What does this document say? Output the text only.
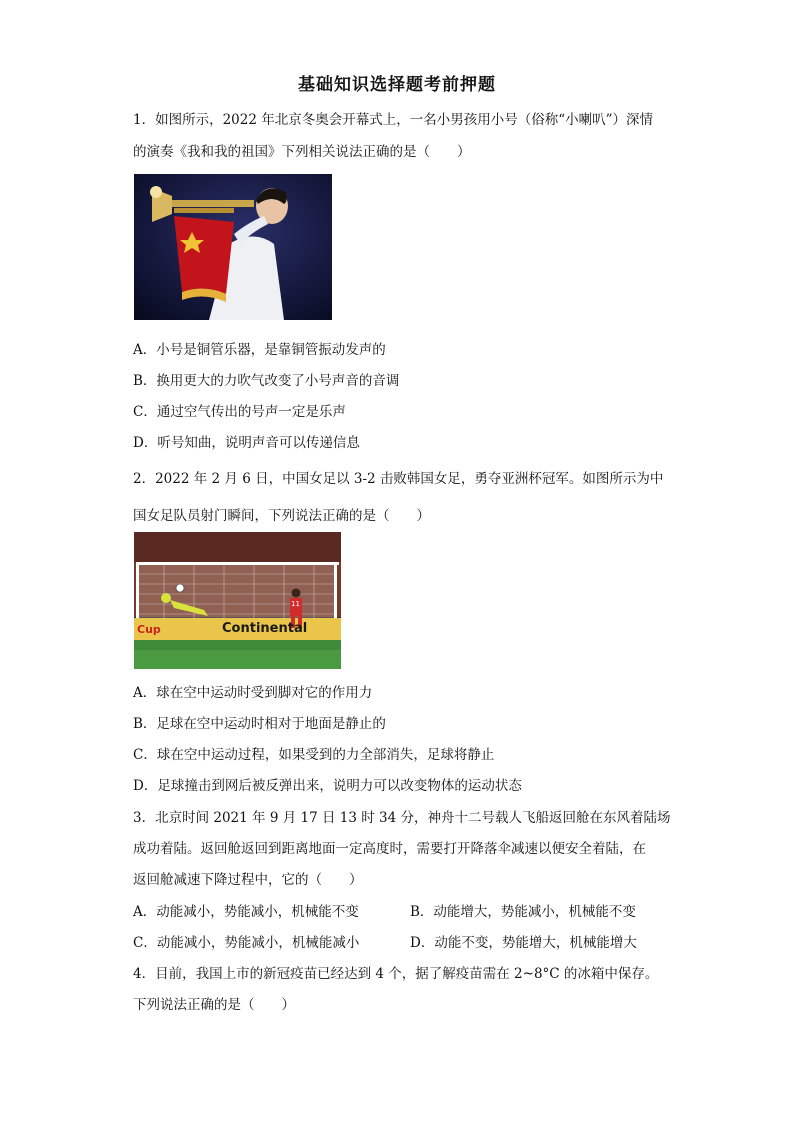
基础知识选择题考前押题
1．如图所示，2022 年北京冬奥会开幕式上，一名小男孩用小号（俗称“小喇叭”）深情
的演奏《我和我的祖国》下列相关说法正确的是（　　）
A．小号是铜管乐器，是靠铜管振动发声的
B．换用更大的力吹气改变了小号声音的音调
C．通过空气传出的号声一定是乐声
D．听号知曲，说明声音可以传递信息
2．2022 年 2 月 6 日，中国女足以 3-2 击败韩国女足，勇夺亚洲杯冠军。如图所示为中
国女足队员射门瞬间，下列说法正确的是（　　）
Cup	Continental
11
A．球在空中运动时受到脚对它的作用力
B．足球在空中运动时相对于地面是静止的
C．球在空中运动过程，如果受到的力全部消失，足球将静止
D．足球撞击到网后被反弹出来，说明力可以改变物体的运动状态
3．北京时间 2021 年 9 月 17 日 13 时 34 分，神舟十二号载人飞船返回舱在东风着陆场
成功着陆。返回舱返回到距离地面一定高度时，需要打开降落伞减速以便安全着陆，在
返回舱减速下降过程中，它的（　　）
A．动能减小，势能减小，机械能不变	B．动能增大，势能减小，机械能不变
C．动能减小，势能减小，机械能减小	D．动能不变，势能增大，机械能增大
4．目前，我国上市的新冠疫苗已经达到 4 个，据了解疫苗需在 2~8°C 的冰箱中保存。
下列说法正确的是（　　）
